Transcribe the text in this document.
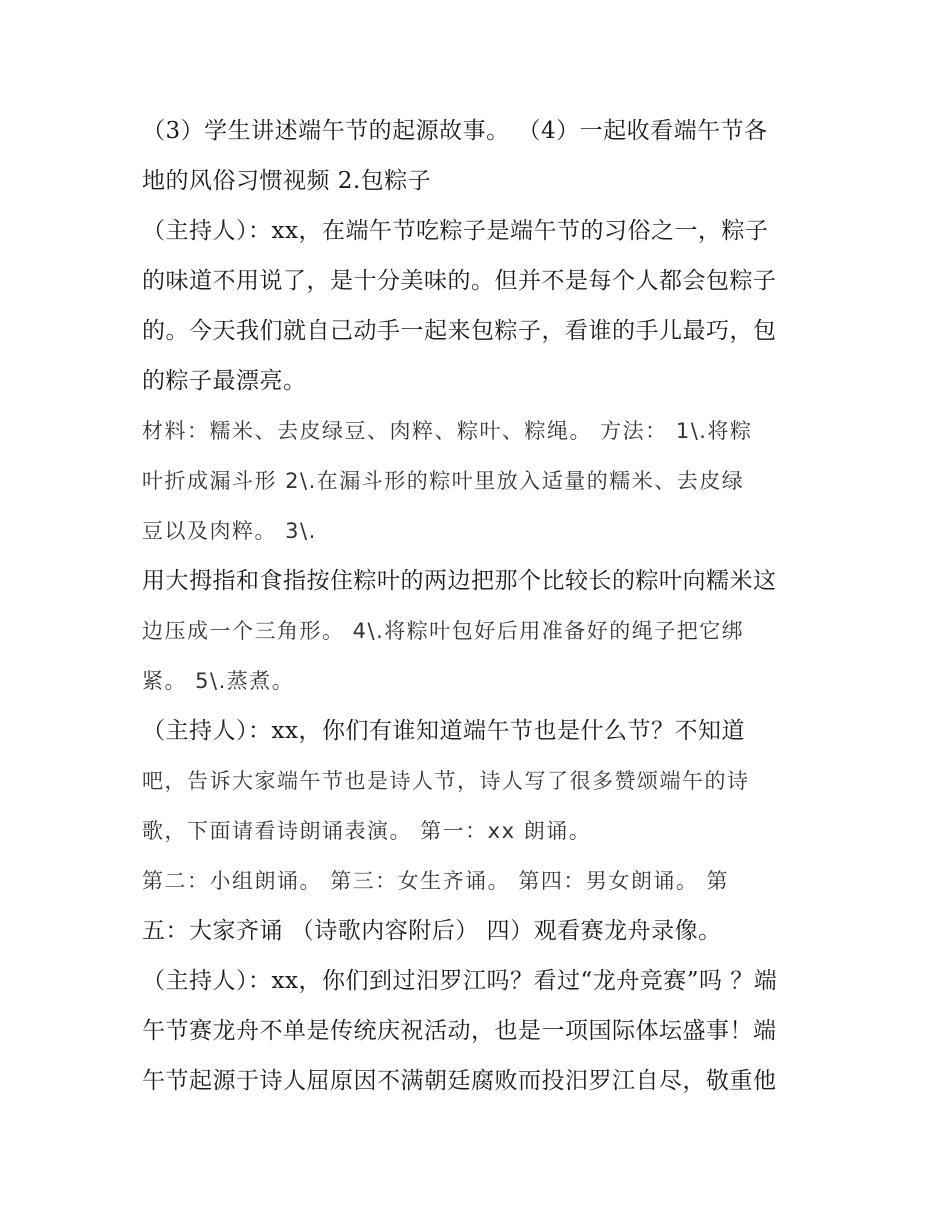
（3）学生讲述端午节的起源故事。 （4）一起收看端午节各
地的风俗习惯视频 2.包粽子
（主持人）：xx，在端午节吃粽子是端午节的习俗之一，粽子
的味道不用说了，是十分美味的。但并不是每个人都会包粽子
的。今天我们就自己动手一起来包粽子，看谁的手儿最巧，包
的粽子最漂亮。
材料：糯米、去皮绿豆、肉粹、粽叶、粽绳。 方法： 1\.将粽
叶折成漏斗形 2\.在漏斗形的粽叶里放入适量的糯米、去皮绿
豆以及肉粹。 3\.
用大拇指和食指按住粽叶的两边把那个比较长的粽叶向糯米这
边压成一个三角形。 4\.将粽叶包好后用准备好的绳子把它绑
紧。 5\.蒸煮。
（主持人）：xx，你们有谁知道端午节也是什么节？不知道
吧，告诉大家端午节也是诗人节，诗人写了很多赞颂端午的诗
歌，下面请看诗朗诵表演。 第一：xx 朗诵。
第二：小组朗诵。 第三：女生齐诵。 第四：男女朗诵。 第
五：大家齐诵 （诗歌内容附后） 四）观看赛龙舟录像。
（主持人）：xx，你们到过汨罗江吗？看过“龙舟竞赛”吗 ？端
午节赛龙舟不单是传统庆祝活动，也是一项国际体坛盛事！端
午节起源于诗人屈原因不满朝廷腐败而投汨罗江自尽，敬重他
